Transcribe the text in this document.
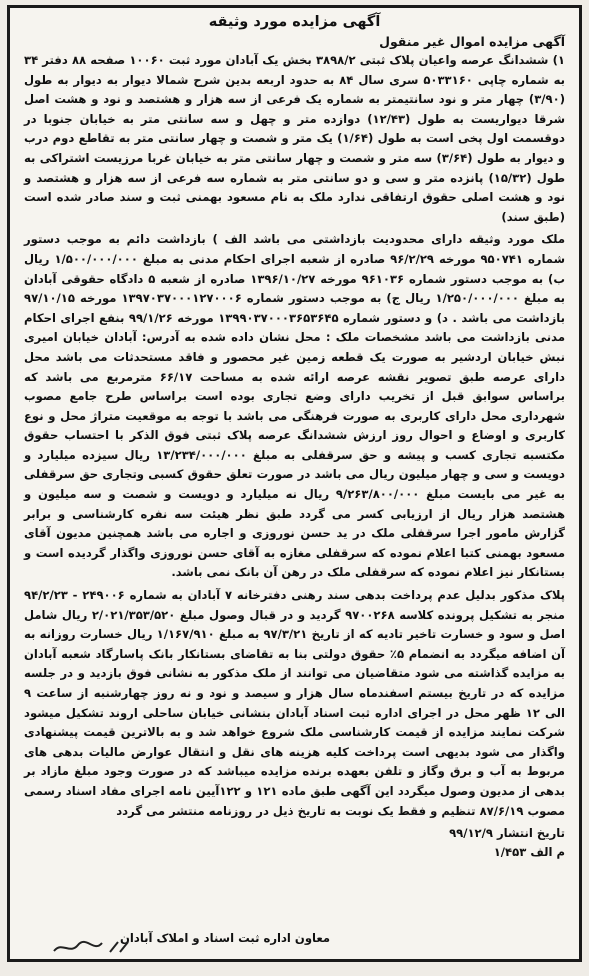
آگهی مزایده مورد وثیقه
آگهی مزایده اموال غیر منقول
۱) ششدانگ عرصه واعیان پلاک ثبتی ۳۸۹۸/۲ بخش یک آبادان مورد ثبت ۱۰۰۶۰ صفحه ۸۸ دفتر ۳۴ به شماره چاپی ۵۰۳۳۱۶۰ سری سال ۸۴ به حدود اربعه بدین شرح شمالا دیوار به دیوار به طول (۳/۹۰) چهار متر و نود سانتیمتر به شماره یک فرعی از سه هزار و هشتصد و نود و هشت اصل شرقا دیواریست به طول (۱۲/۴۳) دوازده متر و چهل و سه سانتی متر به خیابان جنوبا در دوقسمت اول پخی است به طول (۱/۶۴) یک متر و شصت و چهار سانتی متر به تقاطع دوم درب و دیوار به طول (۳/۶۴) سه متر و شصت و چهار سانتی متر به خیابان غربا مرزیست اشتراکی به طول (۱۵/۳۲) پانزده متر و سی و دو سانتی متر به شماره سه فرعی از سه هزار و هشتصد و نود و هشت اصلی حقوق ارتفاقی ندارد ملک به نام مسعود بهمنی ثبت و سند صادر شده است (طبق سند)
ملک مورد وثیقه دارای محدودیت بازداشتی می باشد الف ) بازداشت دائم به موجب دستور شماره ۹۵۰۷۴۱ مورخه ۹۶/۲/۲۹ صادره از شعبه اجرای احکام مدنی به مبلغ ۱/۵۰۰/۰۰۰/۰۰۰ ریال ب) به موجب دستور شماره ۹۶۱۰۳۶ مورخه ۱۳۹۶/۱۰/۲۷ صادره از شعبه ۵ دادگاه حقوقی آبادان به مبلغ ۱/۲۵۰/۰۰۰/۰۰۰ ریال ج) به موجب دستور شماره ۱۳۹۷۰۳۷۰۰۰۱۲۷۰۰۰۶ مورخه ۹۷/۱۰/۱۵ بازداشت می باشد . د) و دستور شماره ۱۳۹۹۰۳۷۰۰۰۳۶۵۳۶۴۵ مورخه ۹۹/۱/۲۶ بنفع اجرای احکام مدنی بازداشت می باشد مشخصات ملک : محل نشان داده شده به آدرس: آبادان خیابان امیری نبش خیابان اردشیر به صورت یک قطعه زمین غیر محصور و فاقد مستحدثات می باشد محل دارای عرصه طبق تصویر نقشه عرصه ارائه شده به مساحت ۶۶/۱۷ مترمربع می باشد که براساس سوابق قبل از تخریب دارای وضع تجاری بوده است براساس طرح جامع مصوب شهرداری محل دارای کاربری به صورت فرهنگی می باشد با توجه به موقعیت متراژ محل و نوع کاربری و اوضاع و احوال روز ارزش ششدانگ عرصه پلاک ثبتی فوق الذکر با احتساب حقوق مکتسبه تجاری کسب و پیشه و حق سرقفلی به مبلغ ۱۳/۲۳۴/۰۰۰/۰۰۰ ریال سیزده میلیارد و دویست و سی و چهار میلیون ریال می باشد در صورت تعلق حقوق کسبی وتجاری حق سرقفلی به غیر می بایست مبلغ ۹/۲۶۳/۸۰۰/۰۰۰ ریال نه میلیارد و دویست و شصت و سه میلیون و هشتصد هزار ریال از ارزیابی کسر می گردد طبق نظر هیئت سه نفره کارشناسی و برابر گزارش مامور اجرا سرقفلی ملک در ید حسن نوروزی و اجاره می باشد همچنین مدیون آقای مسعود بهمنی کتبا اعلام نموده که سرقفلی مغازه به آقای حسن نوروزی واگذار گردیده است و بستانکار نیز اعلام نموده که سرقفلی ملک در رهن آن بانک نمی باشد.
پلاک مذکور بدلیل عدم پرداخت بدهی سند رهنی دفترخانه ۷ آبادان به شماره ۲۴۹۰۰۶ - ۹۴/۲/۲۳ منجر به تشکیل پرونده کلاسه ۹۷۰۰۲۶۸ گردید و در قبال وصول مبلغ ۲/۰۲۱/۳۵۳/۵۲۰ ریال شامل اصل و سود و خسارت تاخیر تادیه که از تاریخ ۹۷/۳/۲۱ به مبلغ ۱/۱۶۷/۹۱۰ ریال خسارت روزانه به آن اضافه میگردد به انضمام ۵٪ حقوق دولتی بنا به تقاضای بستانکار بانک پاسارگاد شعبه آبادان به مزایده گذاشته می شود متقاضیان می توانند از ملک مذکور به نشانی فوق بازدید و در جلسه مزایده که در تاریخ بیستم اسفندماه سال هزار و سیصد و نود و نه روز چهارشنبه از ساعت ۹ الی ۱۲ ظهر محل در اجرای اداره ثبت اسناد آبادان بنشانی خیابان ساحلی اروند تشکیل میشود شرکت نمایند مزایده از قیمت کارشناسی ملک شروع خواهد شد و به بالاترین قیمت پیشنهادی واگذار می شود بدیهی است پرداخت کلیه هزینه های نقل و انتقال عوارض مالیات بدهی های مربوط به آب و برق وگاز و تلفن بعهده برنده مزایده میباشد که در صورت وجود مبلغ مازاد بر بدهی از مدیون وصول میگردد این آگهی طبق ماده ۱۲۱ و ۱۲۲آیین نامه اجرای مفاد اسناد رسمی مصوب ۸۷/۶/۱۹ تنظیم و فقط یک نوبت به تاریخ ذیل در روزنامه منتشر می گردد
تاریخ انتشار ۹۹/۱۲/۹
م الف ۱/۴۵۳
معاون اداره ثبت اسناد و املاک آبادان
